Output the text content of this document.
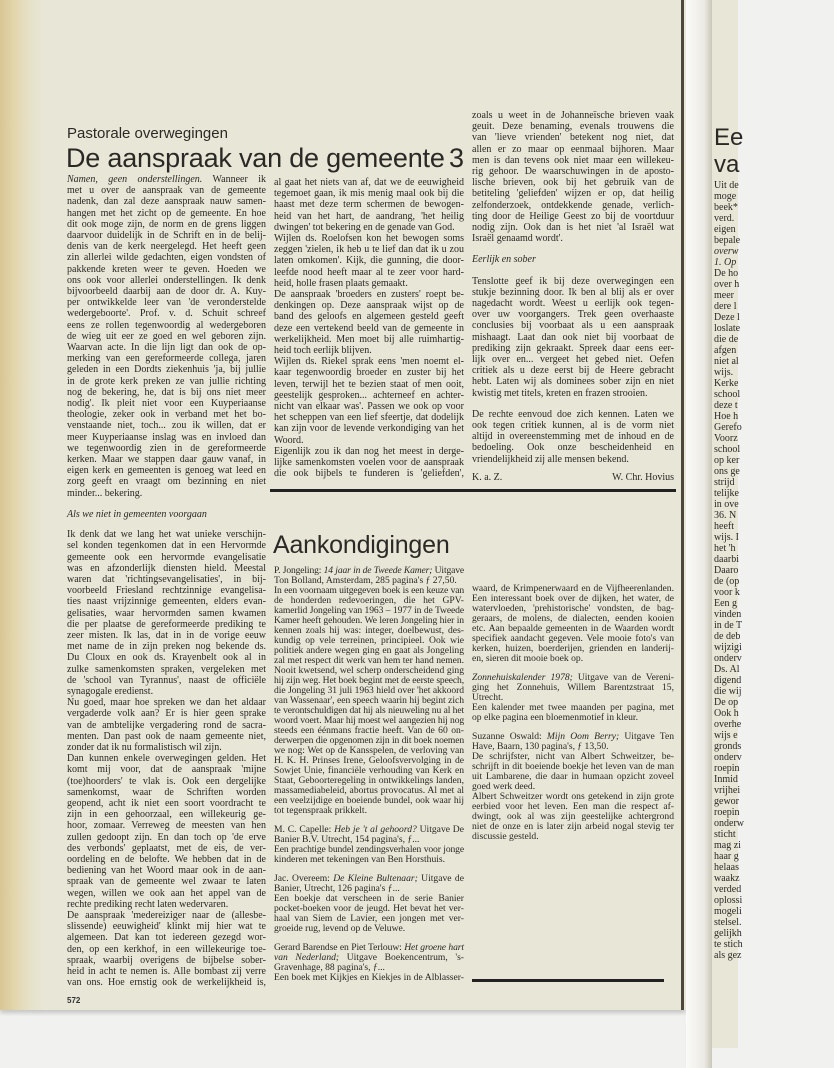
Pastorale overwegingen
De aanspraak van de gemeente 3
Namen, geen onderstellingen. Wanneer ik
met u over de aanspraak van de gemeente
nadenk, dan zal deze aanspraak nauw samen-
hangen met het zicht op de gemeente. En hoe
dit ook moge zijn, de norm en de grens liggen
daarvoor duidelijk in de Schrift en in de belij-
denis van de kerk neergelegd. Het heeft geen
zin allerlei wilde gedachten, eigen vondsten of
pakkende kreten weer te geven. Hoeden we
ons ook voor allerlei onderstellingen. Ik denk
bijvoorbeeld daarbij aan de door dr. A. Kuy-
per ontwikkelde leer van 'de veronderstelde
wedergeboorte'. Prof. v. d. Schuit schreef
eens ze rollen tegenwoordig al wedergeboren
de wieg uit eer ze goed en wel geboren zijn.
Waarvan acte. In die lijn ligt dan ook de op-
merking van een gereformeerde collega, jaren
geleden in een Dordts ziekenhuis 'ja, bij jullie
in de grote kerk preken ze van jullie richting
nog de bekering, he, dat is bij ons niet meer
nodig'. Ik pleit niet voor een Kuyperiaanse
theologie, zeker ook in verband met het bo-
venstaande niet, toch... zou ik willen, dat er
meer Kuyperiaanse inslag was en invloed dan
we tegenwoordig zien in de gereformeerde
kerken. Maar we stappen daar gauw vanaf, in
eigen kerk en gemeenten is genoeg wat leed en
zorg geeft en vraagt om bezinning en niet
minder... bekering.
Als we niet in gemeenten voorgaan
Ik denk dat we lang het wat unieke verschijn-
sel konden tegenkomen dat in een Hervormde
gemeente ook een hervormde evangelisatie
was en afzonderlijk diensten hield. Meestal
waren dat 'richtingsevangelisaties', in bij-
voorbeeld Friesland rechtzinnige evangelisa-
ties naast vrijzinnige gemeenten, elders evan-
gelisaties, waar hervormden samen kwamen
die per plaatse de gereformeerde prediking te
zeer misten. Ik las, dat in in de vorige eeuw
met name de in zijn preken nog bekende ds.
Du Cloux en ook ds. Krayenbelt ook al in
zulke samenkomsten spraken, vergeleken met
de 'school van Tyrannus', naast de officiële
synagogale eredienst.
Nu goed, maar hoe spreken we dan het aldaar
vergaderde volk aan? Er is hier geen sprake
van de ambtelijke vergadering rond de sacra-
menten. Dan past ook de naam gemeente niet,
zonder dat ik nu formalistisch wil zijn.
Dan kunnen enkele overwegingen gelden. Het
komt mij voor, dat de aanspraak 'mijne
(toe)hoorders' te vlak is. Ook een dergelijke
samenkomst, waar de Schriften worden
geopend, acht ik niet een soort voordracht te
zijn in een gehoorzaal, een willekeurig ge-
hoor, zomaar. Verreweg de meesten van hen
zullen gedoopt zijn. En dan toch op 'de erve
des verbonds' geplaatst, met de eis, de ver-
oordeling en de belofte. We hebben dat in de
bediening van het Woord maar ook in de aan-
spraak van de gemeente wel zwaar te laten
wegen, willen we ook aan het appel van de
rechte prediking recht laten wedervaren.
De aanspraak 'medereiziger naar de (allesbe-
slissende) eeuwigheid' klinkt mij hier wat te
algemeen. Dat kan tot iedereen gezegd wor-
den, op een kerkhof, in een willekeurige toe-
spraak, waarbij overigens de bijbelse sober-
heid in acht te nemen is. Alle bombast zij verre
van ons. Hoe ernstig ook de werkelijkheid is,
al gaat het niets van af, dat we de eeuwigheid
tegemoet gaan, ik mis menig maal ook bij die
haast met deze term schermen de bewogen-
heid van het hart, de aandrang, 'het heilig
dwingen' tot bekering en de genade van God.
Wijlen ds. Roelofsen kon het bewogen soms
zeggen 'zielen, ik heb u te lief dan dat ik u zou
laten omkomen'. Kijk, die gunning, die door-
leefde nood heeft maar al te zeer voor hard-
heid, holle frasen plaats gemaakt.
De aanspraak 'broeders en zusters' roept be-
denkingen op. Deze aanspraak wijst op de
band des geloofs en algemeen gesteld geeft
deze een vertekend beeld van de gemeente in
werkelijkheid. Men moet bij alle ruimhartig-
heid toch eerlijk blijven.
Wijlen ds. Riekel sprak eens 'men noemt el-
kaar tegenwoordig broeder en zuster bij het
leven, terwijl het te bezien staat of men ooit,
geestelijk gesproken... achterneef en achter-
nicht van elkaar was'. Passen we ook op voor
het scheppen van een lief sfeertje, dat dodelijk
kan zijn voor de levende verkondiging van het
Woord.
Eigenlijk zou ik dan nog het meest in derge-
lijke samenkomsten voelen voor de aanspraak
die ook bijbels te funderen is 'geliefden',
zoals u weet in de Johanneïsche brieven vaak
geuit. Deze benaming, evenals trouwens die
van 'lieve vrienden' betekent nog niet, dat
allen er zo maar op eenmaal bijhoren. Maar
men is dan tevens ook niet maar een willekeu-
rig gehoor. De waarschuwingen in de aposto-
lische brieven, ook bij het gebruik van de
betiteling 'geliefden' wijzen er op, dat heilig
zelfonderzoek, ontdekkende genade, verlich-
ting door de Heilige Geest zo bij de voortduur
nodig zijn. Ook dan is het niet 'al Israël wat
Israël genaamd wordt'.
Eerlijk en sober
Tenslotte geef ik bij deze overwegingen een
stukje bezinning door. Ik ben al blij als er over
nagedacht wordt. Weest u eerlijk ook tegen-
over uw voorgangers. Trek geen overhaaste
conclusies bij voorbaat als u een aanspraak
mishaagt. Laat dan ook niet bij voorbaat de
prediking zijn gekraakt. Spreek daar eens eer-
lijk over en... vergeet het gebed niet. Oefen
critiek als u deze eerst bij de Heere gebracht
hebt. Laten wij als dominees sober zijn en niet
kwistig met titels, kreten en frazen strooien.
De rechte eenvoud doe zich kennen. Laten we
ook tegen critiek kunnen, al is de vorm niet
altijd in overeenstemming met de inhoud en de
bedoeling. Ook onze bescheidenheid en
vriendelijkheid zij alle mensen bekend.
K. a. Z.	W. Chr. Hovius
Aankondigingen
P. Jongeling: 14 jaar in de Tweede Kamer; Uitgave
Ton Bolland, Amsterdam, 285 pagina's ƒ 27,50.
In een voornaam uitgegeven boek is een keuze van
de honderden redevoeringen, die het GPV-
kamerlid Jongeling van 1963 – 1977 in de Tweede
Kamer heeft gehouden. We leren Jongeling hier in
kennen zoals hij was: integer, doelbewust, des-
kundig op vele terreinen, principieel. Ook wie
politiek andere wegen ging en gaat als Jongeling
zal met respect dit werk van hem ter hand nemen.
Nooit kwetsend, wel scherp onderscheidend ging
hij zijn weg. Het boek begint met de eerste speech,
die Jongeling 31 juli 1963 hield over 'het akkoord
van Wassenaar', een speech waarin hij begint zich
te verontschuldigen dat hij als nieuweling nu al het
woord voert. Maar hij moest wel aangezien hij nog
steeds een éénmans fractie heeft. Van de 60 on-
derwerpen die opgenomen zijn in dit boek noemen
we nog: Wet op de Kansspelen, de verloving van
H. K. H. Prinses Irene, Geloofsvervolging in de
Sowjet Unie, financiële verhouding van Kerk en
Staat, Geboorteregeling in ontwikkelings landen,
massamediabeleid, abortus provocatus. Al met al
een veelzijdige en boeiende bundel, ook waar hij
tot tegenspraak prikkelt.
M. C. Capelle: Heb je 't al gehoord? Uitgave De
Banier B.V. Utrecht, 154 pagina's, ƒ...
Een prachtige bundel zendingsverhalen voor jonge
kinderen met tekeningen van Ben Horsthuis.
Jac. Overeem: De Kleine Bultenaar; Uitgave de
Banier, Utrecht, 126 pagina's ƒ...
Een boekje dat verscheen in de serie Banier
pocket-boeken voor de jeugd. Het bevat het ver-
haal van Siem de Lavier, een jongen met ver-
groeide rug, levend op de Veluwe.
Gerard Barendse en Piet Terlouw: Het groene hart
van Nederland; Uitgave Boekencentrum, 's-
Gravenhage, 88 pagina's, ƒ...
Een boek met Kijkjes en Kiekjes in de Alblasser-
waard, de Krimpenerwaard en de Vijfheerenlanden.
Een interessant boek over de dijken, het water, de
watervloeden, 'prehistorische' vondsten, de bag-
geraars, de molens, de dialecten, eenden kooien
etc. Aan bepaalde gemeenten in de Waarden wordt
specifiek aandacht gegeven. Vele mooie foto's van
kerken, huizen, boerderijen, grienden en landerij-
en, sieren dit mooie boek op.
Zonnehuiskalender 1978; Uitgave van de Vereni-
ging het Zonnehuis, Willem Barentzstraat 15,
Utrecht.
Een kalender met twee maanden per pagina, met
op elke pagina een bloemenmotief in kleur.
Suzanne Oswald: Mijn Oom Berry; Uitgave Ten
Have, Baarn, 130 pagina's, ƒ 13,50.
De schrijfster, nicht van Albert Schweitzer, be-
schrijft in dit boeiende boekje het leven van de man
uit Lambarene, die daar in humaan opzicht zoveel
goed werk deed.
Albert Schweitzer wordt ons getekend in zijn grote
eerbied voor het leven. Een man die respect af-
dwingt, ook al was zijn geestelijke achtergrond
niet de onze en is later zijn arbeid nogal stevig ter
discussie gesteld.
572
Ee
va
Uit de
moge
beek*
verd.
eigen
bepale
overw
1. Op
De ho
over h
meer
dere l
Deze l
loslate
die de
afgen
niet al
wijs.
Kerke
school
deze t
Hoe h
Gerefo
Voorz
school
op ker
ons ge
strijd
telijke
in ove
36. N
heeft
wijs. I
het 'h
daarbi
Daaro
de (op
voor k
Een g
vinden
in de T
de deb
wijzigi
onderv
Ds. Al
digend
die wij
De op
Ook h
overhe
wijs e
gronds
onderv
roepin
Inmid
vrijhei
gewor
roepin
onderw
sticht
mag zi
haar g
helaas
waakz
verded
oplossi
mogeli
stelsel.
gelijkh
te stich
als gez
